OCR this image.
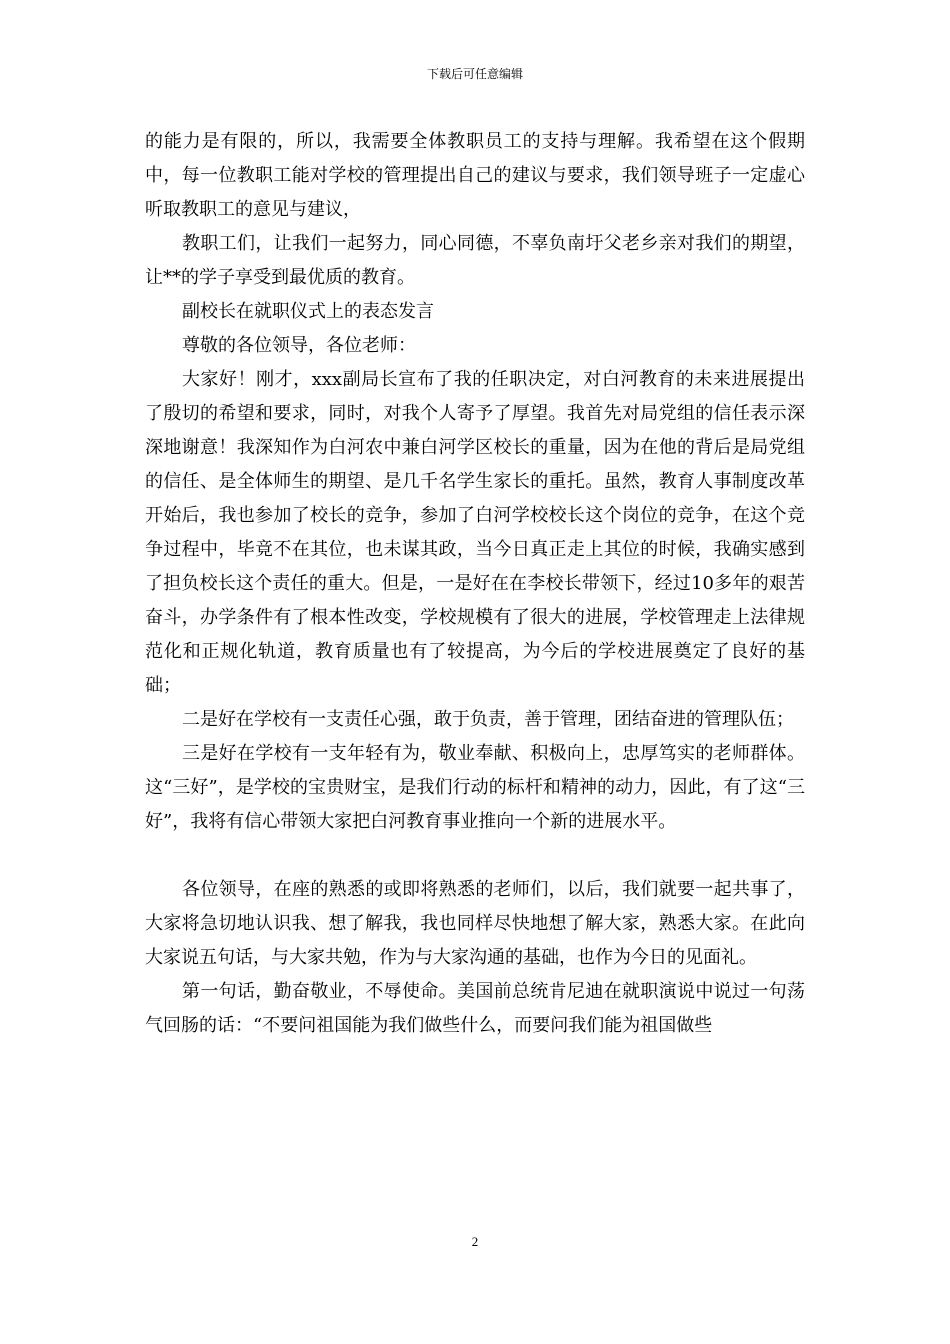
下载后可任意编辑

的能力是有限的，所以，我需要全体教职员工的支持与理解。我希望在这个假期中，每一位教职工能对学校的管理提出自己的建议与要求，我们领导班子一定虚心听取教职工的意见与建议，

教职工们，让我们一起努力，同心同德，不辜负南圩父老乡亲对我们的期望，让**的学子享受到最优质的教育。

副校长在就职仪式上的表态发言

尊敬的各位领导，各位老师：

大家好！刚才，xxx副局长宣布了我的任职决定，对白河教育的未来进展提出了殷切的希望和要求，同时，对我个人寄予了厚望。我首先对局党组的信任表示深深地谢意！我深知作为白河农中兼白河学区校长的重量，因为在他的背后是局党组的信任、是全体师生的期望、是几千名学生家长的重托。虽然，教育人事制度改革开始后，我也参加了校长的竞争，参加了白河学校校长这个岗位的竞争，在这个竞争过程中，毕竟不在其位，也未谋其政，当今日真正走上其位的时候，我确实感到了担负校长这个责任的重大。但是，一是好在在李校长带领下，经过10多年的艰苦奋斗，办学条件有了根本性改变，学校规模有了很大的进展，学校管理走上法律规范化和正规化轨道，教育质量也有了较提高，为今后的学校进展奠定了良好的基础；

二是好在学校有一支责任心强，敢于负责，善于管理，团结奋进的管理队伍；

三是好在学校有一支年轻有为，敬业奉献、积极向上，忠厚笃实的老师群体。这“三好”，是学校的宝贵财宝，是我们行动的标杆和精神的动力，因此，有了这“三好”，我将有信心带领大家把白河教育事业推向一个新的进展水平。

各位领导，在座的熟悉的或即将熟悉的老师们，以后，我们就要一起共事了，大家将急切地认识我、想了解我，我也同样尽快地想了解大家，熟悉大家。在此向大家说五句话，与大家共勉，作为与大家沟通的基础，也作为今日的见面礼。

第一句话，勤奋敬业，不辱使命。美国前总统肯尼迪在就职演说中说过一句荡气回肠的话：“不要问祖国能为我们做些什么，而要问我们能为祖国做些

2
